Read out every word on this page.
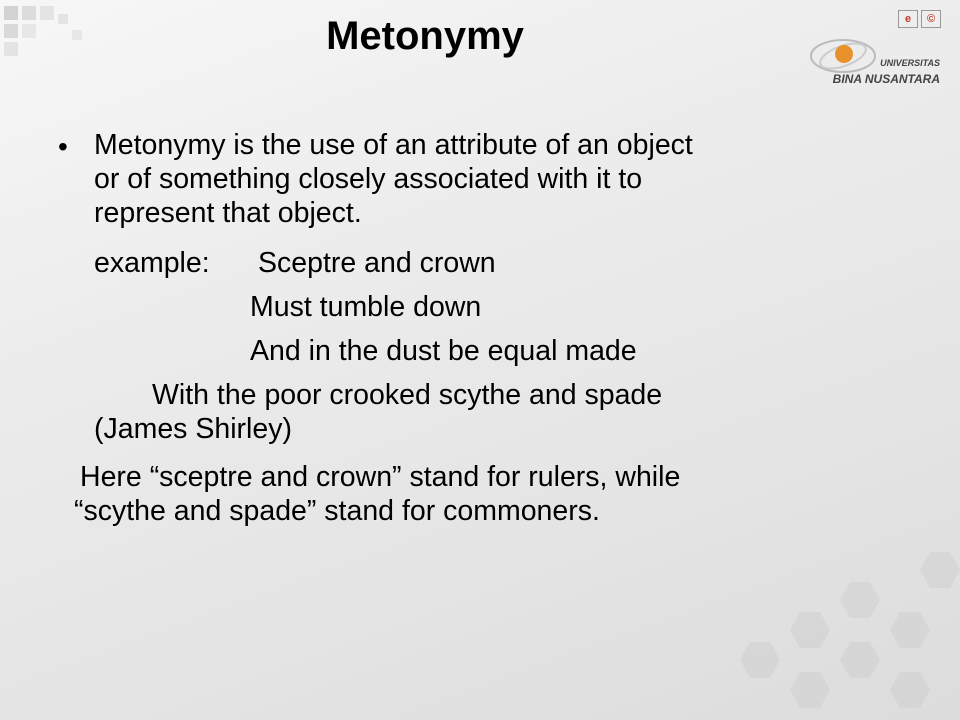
Metonymy	e	©
UNIVERSITAS
BINA NUSANTARA
• Metonymy is the use of an attribute of an object
or of something closely associated with it to
represent that object.
example: Sceptre and crown
Must tumble down
And in the dust be equal made
With the poor crooked scythe and spade
(James Shirley)
Here “sceptre and crown” stand for rulers, while
“scythe and spade” stand for commoners.
